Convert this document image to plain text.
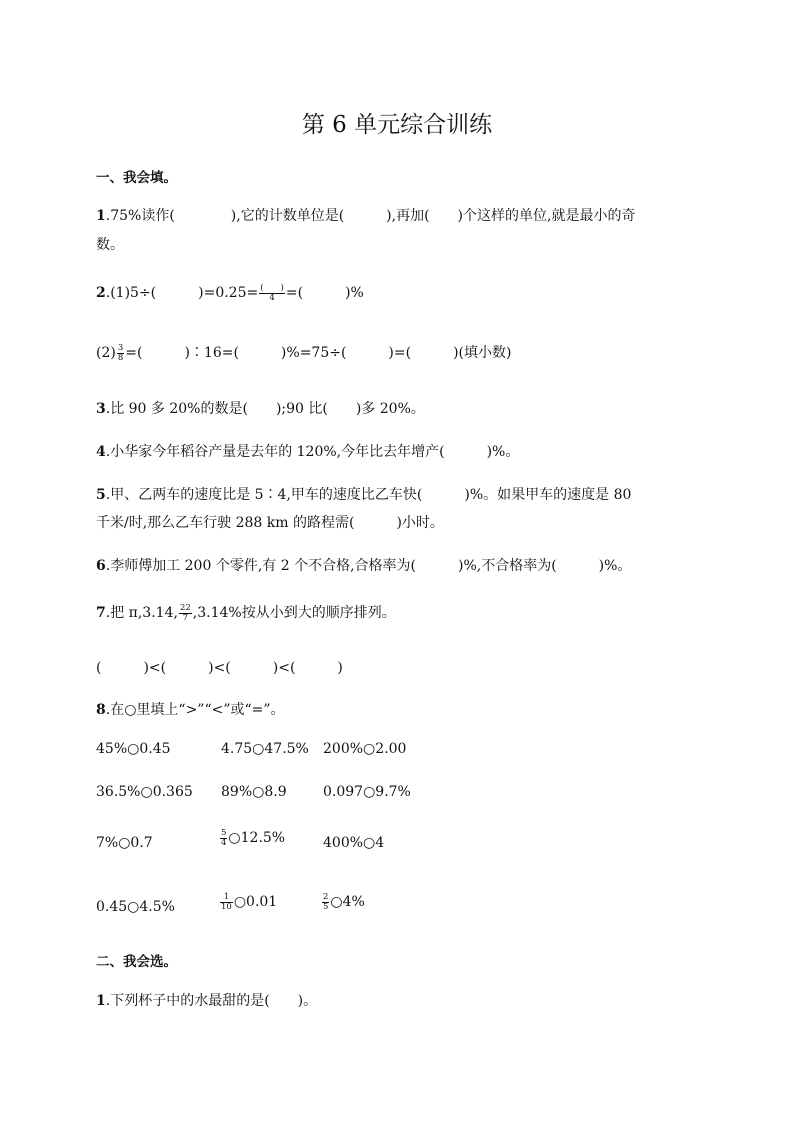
第 6 单元综合训练
一、我会填。
1.75%读作(　　　　),它的计数单位是(　　　),再加(　　)个这样的单位,就是最小的奇
数。
2.(1)5÷(　　　)$=0.25= \frac{( )}{4}$ =(　　　)%
$(2) \frac{3}{8}$ =(　　　)∶16=(　　　)%=75÷(　　　)=(　　　)(填小数)
3.比 90 多 20%的数是(　　);90 比(　　)多 20%。
4.小华家今年稻谷产量是去年的 120%,今年比去年增产(　　　)%。
5.甲、乙两车的速度比是 5∶4,甲车的速度比乙车快(　　　)%。如果甲车的速度是 80
千米/时,那么乙车行驶 288 km 的路程需(　　　)小时。
6.李师傅加工 200 个零件,有 2 个不合格,合格率为(　　　)%,不合格率为(　　　)%。
7.把 π,3.14, $\frac{22}{7} ,3.14\%$按从小到大的顺序排列。
(　　　)<(　　　)<(　　　)<(　　　)
8.在○里填上“>”“<”或“=”。
45%○0.45	4.75○47.5% 200%○2.00
36.5%○0.365 89%○8.9	0.097○9.7%
7%○0.7	$\frac{5}{4}$ ○12.5%	400%○4
0.45○4.5%	$\frac{1}{10}$ ○0.01	$\frac{2}{5}$ ○4%
二、我会选。
1.下列杯子中的水最甜的是(　　)。
